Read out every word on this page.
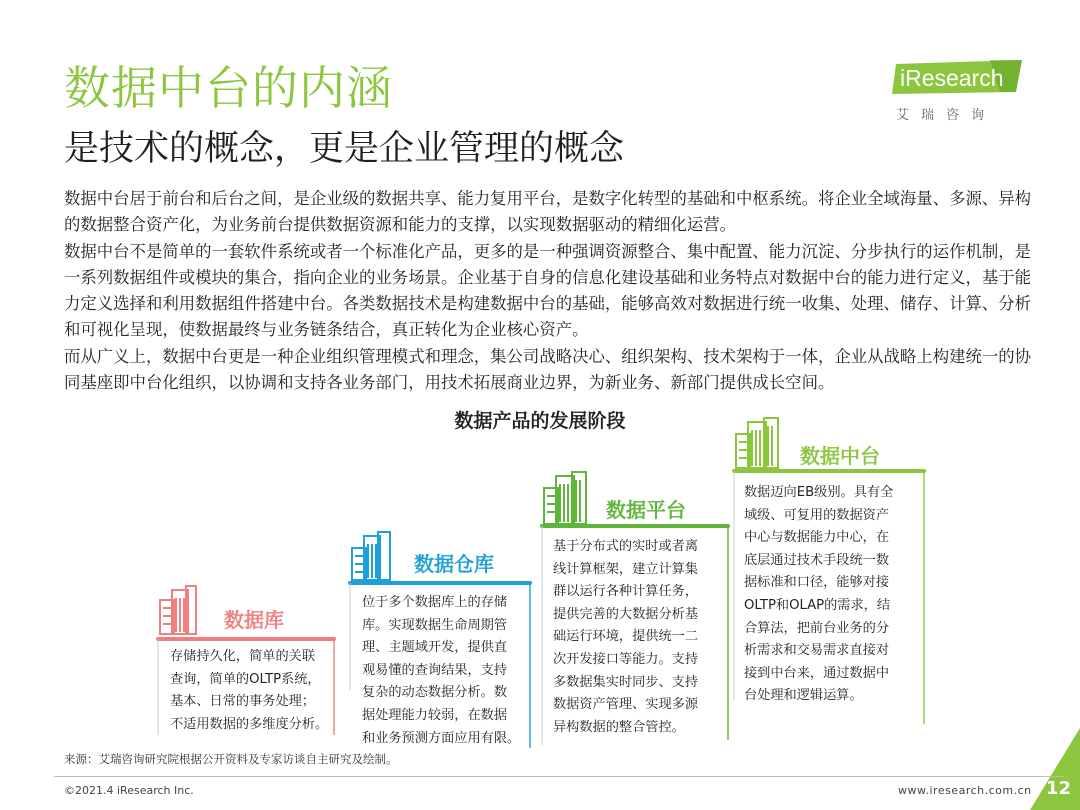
数据中台的内涵
是技术的概念，更是企业管理的概念
iResearch
艾瑞咨询

数据中台居于前台和后台之间，是企业级的数据共享、能力复用平台，是数字化转型的基础和中枢系统。将企业全域海量、多源、异构的数据整合资产化，为业务前台提供数据资源和能力的支撑，以实现数据驱动的精细化运营。

数据中台不是简单的一套软件系统或者一个标准化产品，更多的是一种强调资源整合、集中配置、能力沉淀、分步执行的运作机制，是一系列数据组件或模块的集合，指向企业的业务场景。企业基于自身的信息化建设基础和业务特点对数据中台的能力进行定义，基于能力定义选择和利用数据组件搭建中台。各类数据技术是构建数据中台的基础，能够高效对数据进行统一收集、处理、储存、计算、分析和可视化呈现，使数据最终与业务链条结合，真正转化为企业核心资产。

而从广义上，数据中台更是一种企业组织管理模式和理念，集公司战略决心、组织架构、技术架构于一体，企业从战略上构建统一的协同基座即中台化组织，以协调和支持各业务部门，用技术拓展商业边界，为新业务、新部门提供成长空间。

数据产品的发展阶段
数据库

存储持久化，简单的关联

查询，简单的OLTP系统，

基本、日常的事务处理；

不适用数据的多维度分析。

数据仓库

位于多个数据库上的存储

库。实现数据生命周期管

理、主题域开发，提供直

观易懂的查询结果，支持

复杂的动态数据分析。数

据处理能力较弱，在数据

和业务预测方面应用有限。

数据平台

基于分布式的实时或者离

线计算框架，建立计算集

群以运行各种计算任务，

提供完善的大数据分析基

础运行环境，提供统一二

次开发接口等能力。支持

多数据集实时同步、支持

数据资产管理、实现多源

异构数据的整合管控。

数据中台

数据迈向EB级别。具有全

域级、可复用的数据资产

中心与数据能力中心，在

底层通过技术手段统一数

据标准和口径，能够对接

OLTP和OLAP的需求，结

合算法，把前台业务的分

析需求和交易需求直接对

接到中台来，通过数据中

台处理和逻辑运算。

来源：艾瑞咨询研究院根据公开资料及专家访谈自主研究及绘制。
©2021.4 iResearch Inc.	www.iresearch.com.cn 12
